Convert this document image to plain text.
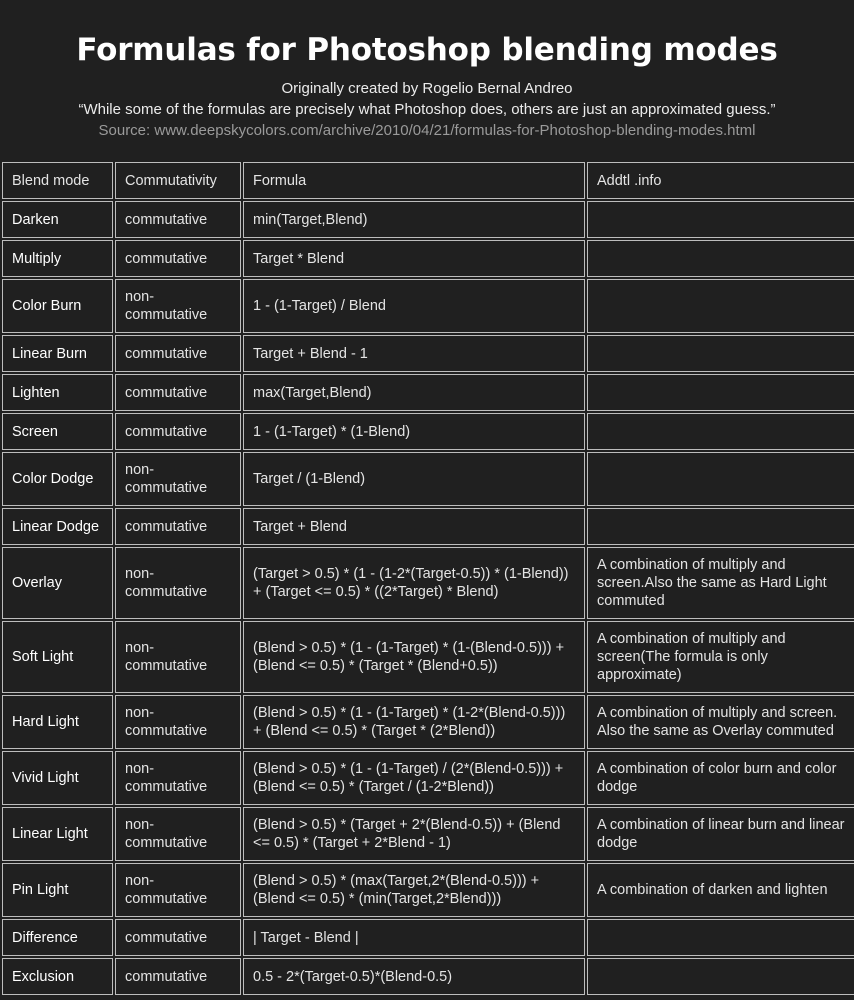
Formulas for Photoshop blending modes
Originally created by Rogelio Bernal Andreo
“While some of the formulas are precisely what Photoshop does, others are just an approximated guess.”
Source: www.deepskycolors.com/archive/2010/04/21/formulas-for-Photoshop-blending-modes.html
Blend mode	Commutativity	Formula	Addtl .info
Darken	commutative	min(Target,Blend)	
Multiply	commutative	Target * Blend	
Color Burn	non-commutative	1 - (1-Target) / Blend	
Linear Burn	commutative	Target + Blend - 1	
Lighten	commutative	max(Target,Blend)	
Screen	commutative	1 - (1-Target) * (1-Blend)	
Color Dodge	non-commutative	Target / (1-Blend)	
Linear Dodge	commutative	Target + Blend	
Overlay	non-commutative	(Target > 0.5) * (1 - (1-2*(Target-0.5)) * (1-Blend)) + (Target <= 0.5) * ((2*Target) * Blend)	A combination of multiply and screen.Also the same as Hard Light commuted
Soft Light	non-commutative	(Blend > 0.5) * (1 - (1-Target) * (1-(Blend-0.5))) + (Blend <= 0.5) * (Target * (Blend+0.5))	A combination of multiply and screen(The formula is only approximate)
Hard Light	non-commutative	(Blend > 0.5) * (1 - (1-Target) * (1-2*(Blend-0.5))) + (Blend <= 0.5) * (Target * (2*Blend))	A combination of multiply and screen. Also the same as Overlay commuted
Vivid Light	non-commutative	(Blend > 0.5) * (1 - (1-Target) / (2*(Blend-0.5))) + (Blend <= 0.5) * (Target / (1-2*Blend))	A combination of color burn and color dodge
Linear Light	non-commutative	(Blend > 0.5) * (Target + 2*(Blend-0.5)) + (Blend <= 0.5) * (Target + 2*Blend - 1)	A combination of linear burn and linear dodge
Pin Light	non-commutative	(Blend > 0.5) * (max(Target,2*(Blend-0.5))) + (Blend <= 0.5) * (min(Target,2*Blend)))	A combination of darken and lighten
Difference	commutative	| Target - Blend |	
Exclusion	commutative	0.5 - 2*(Target-0.5)*(Blend-0.5)	
